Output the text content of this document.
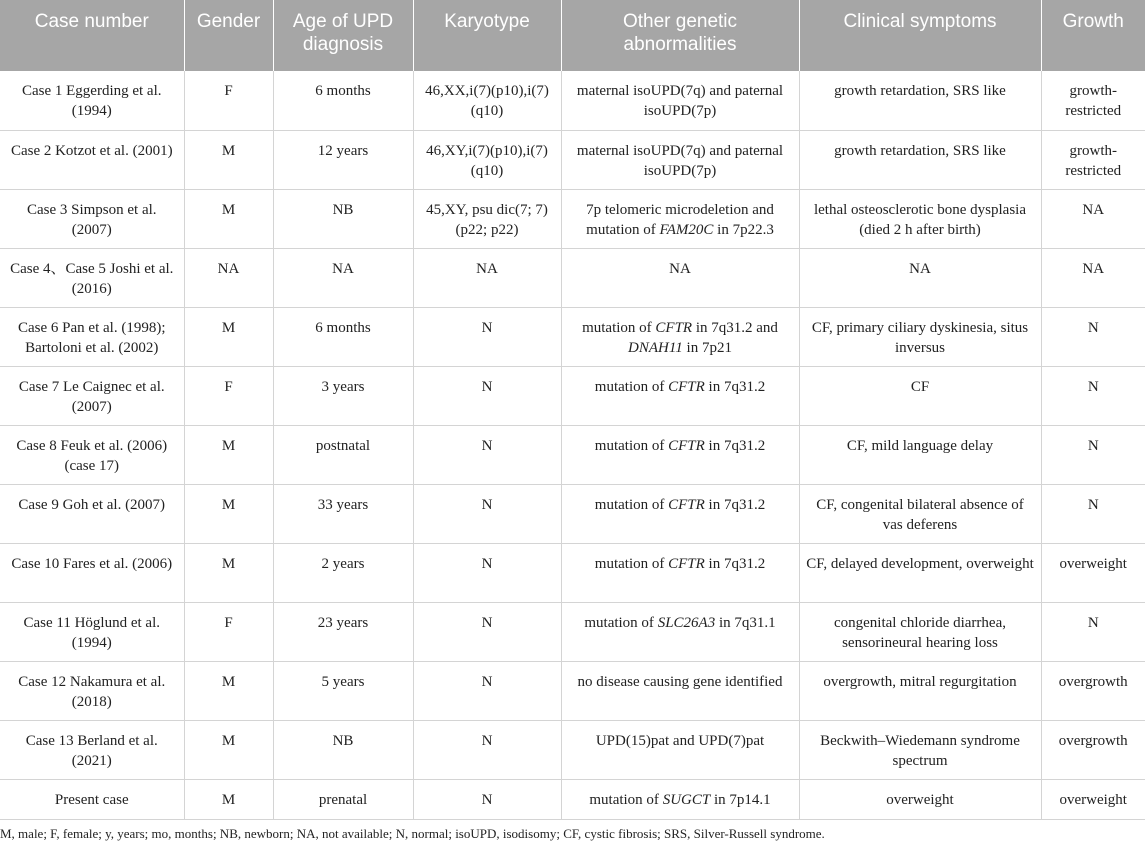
Case number	Gender	Age of UPD diagnosis	Karyotype	Other genetic abnormalities	Clinical symptoms	Growth
Case 1 Eggerding et al. (1994)	F	6 months	46,XX,i(7)(p10),i(7) (q10)	maternal isoUPD(7q) and paternal isoUPD(7p)	growth retardation, SRS like	growth-restricted
Case 2 Kotzot et al. (2001)	M	12 years	46,XY,i(7)(p10),i(7) (q10)	maternal isoUPD(7q) and paternal isoUPD(7p)	growth retardation, SRS like	growth-restricted
Case 3 Simpson et al. (2007)	M	NB	45,XY, psu dic(7; 7)(p22; p22)	7p telomeric microdeletion and mutation of FAM20C in 7p22.3	lethal osteosclerotic bone dysplasia (died 2 h after birth)	NA
Case 4、Case 5 Joshi et al. (2016)	NA	NA	NA	NA	NA	NA
Case 6 Pan et al. (1998); Bartoloni et al. (2002)	M	6 months	N	mutation of CFTR in 7q31.2 and DNAH11 in 7p21	CF, primary ciliary dyskinesia, situs inversus	N
Case 7 Le Caignec et al. (2007)	F	3 years	N	mutation of CFTR in 7q31.2	CF	N
Case 8 Feuk et al. (2006)(case 17)	M	postnatal	N	mutation of CFTR in 7q31.2	CF, mild language delay	N
Case 9 Goh et al. (2007)	M	33 years	N	mutation of CFTR in 7q31.2	CF, congenital bilateral absence of vas deferens	N
Case 10 Fares et al. (2006)	M	2 years	N	mutation of CFTR in 7q31.2	CF, delayed development, overweight	overweight
Case 11 Höglund et al. (1994)	F	23 years	N	mutation of SLC26A3 in 7q31.1	congenital chloride diarrhea, sensorineural hearing loss	N
Case 12 Nakamura et al. (2018)	M	5 years	N	no disease causing gene identified	overgrowth, mitral regurgitation	overgrowth
Case 13 Berland et al. (2021)	M	NB	N	UPD(15)pat and UPD(7)pat	Beckwith–Wiedemann syndrome spectrum	overgrowth
Present case	M	prenatal	N	mutation of SUGCT in 7p14.1	overweight	overweight
M, male; F, female; y, years; mo, months; NB, newborn; NA, not available; N, normal; isoUPD, isodisomy; CF, cystic fibrosis; SRS, Silver-Russell syndrome.
